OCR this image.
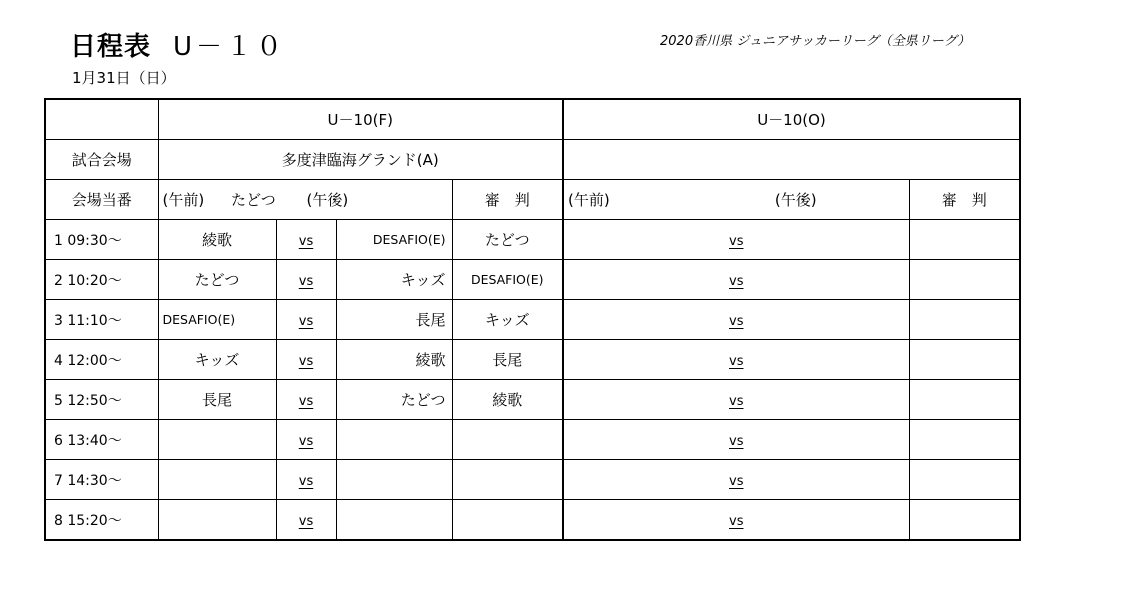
日程表 U－１０	2020香川県 ジュニアサッカーリーグ（全県リーグ）
1月31日（日）
	U－10(F)				U－10(O)		
試合会場	多度津臨海グランド(A)						
会場当番	(午前) たどつ (午後)			審　判	(午前)	(午後)	審　判
1 09:30～	綾歌	vs	DESAFIO(E)	たどつ	vs		
2 10:20～	たどつ	vs	キッズ	DESAFIO(E)	vs		
3 11:10～	DESAFIO(E)	vs	長尾	キッズ	vs		
4 12:00～	キッズ	vs	綾歌	長尾	vs		
5 12:50～	長尾	vs	たどつ	綾歌	vs		
6 13:40～		vs			vs		
7 14:30～		vs			vs		
8 15:20～		vs			vs		
